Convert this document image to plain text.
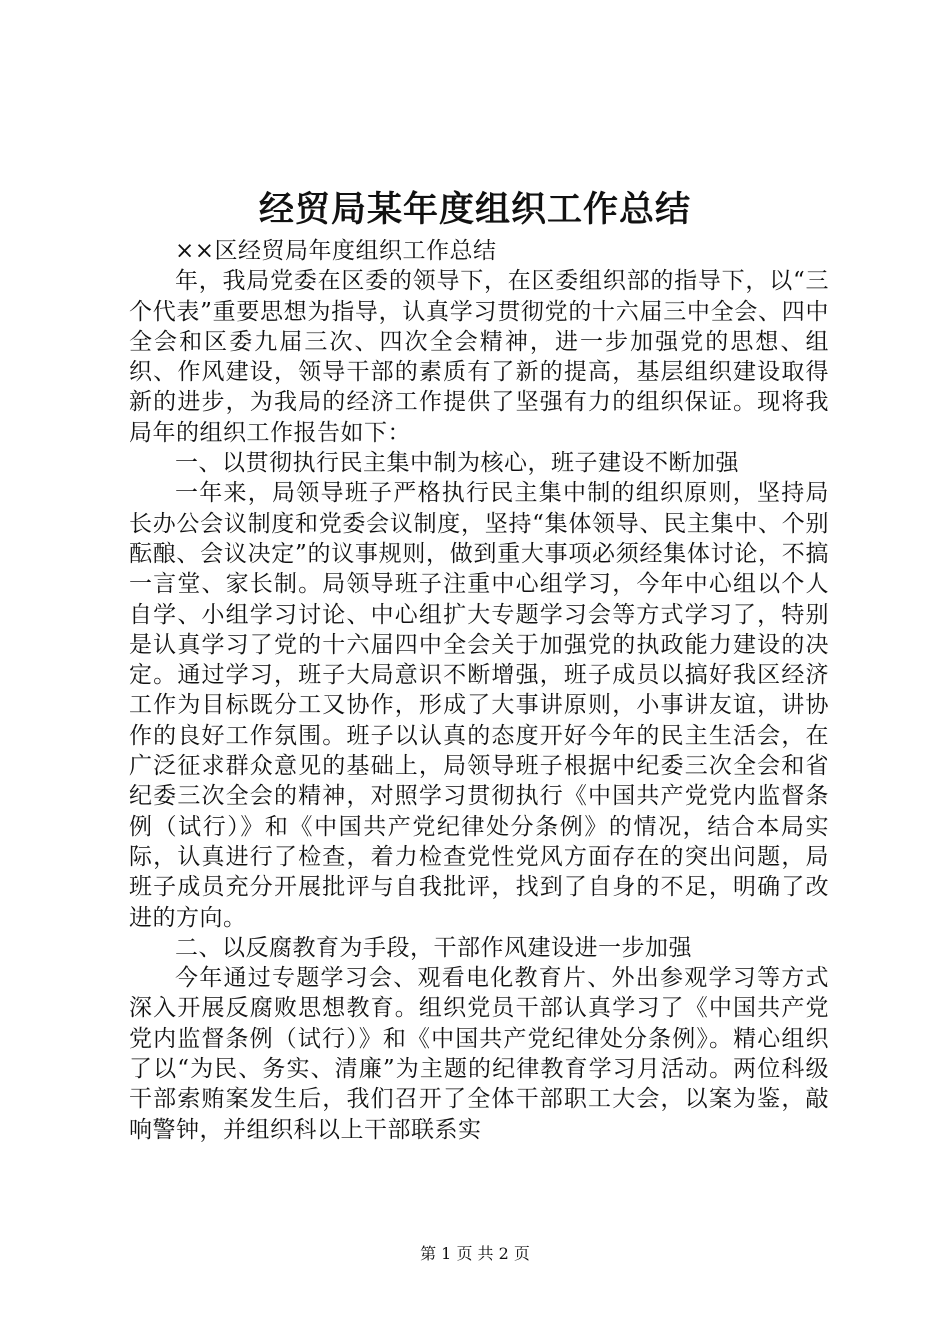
经贸局某年度组织工作总结

××区经贸局年度组织工作总结

年，我局党委在区委的领导下，在区委组织部的指导下，以“三个代表”重要思想为指导，认真学习贯彻党的十六届三中全会、四中全会和区委九届三次、四次全会精神，进一步加强党的思想、组织、作风建设，领导干部的素质有了新的提高，基层组织建设取得新的进步，为我局的经济工作提供了坚强有力的组织保证。现将我局年的组织工作报告如下：

一、以贯彻执行民主集中制为核心，班子建设不断加强

一年来，局领导班子严格执行民主集中制的组织原则，坚持局长办公会议制度和党委会议制度，坚持“集体领导、民主集中、个别酝酿、会议决定”的议事规则，做到重大事项必须经集体讨论，不搞一言堂、家长制。局领导班子注重中心组学习，今年中心组以个人自学、小组学习讨论、中心组扩大专题学习会等方式学习了，特别是认真学习了党的十六届四中全会关于加强党的执政能力建设的决定。通过学习，班子大局意识不断增强，班子成员以搞好我区经济工作为目标既分工又协作，形成了大事讲原则，小事讲友谊，讲协作的良好工作氛围。班子以认真的态度开好今年的民主生活会，在广泛征求群众意见的基础上，局领导班子根据中纪委三次全会和省纪委三次全会的精神，对照学习贯彻执行《中国共产党党内监督条例（试行）》和《中国共产党纪律处分条例》的情况，结合本局实际，认真进行了检查，着力检查党性党风方面存在的突出问题，局班子成员充分开展批评与自我批评，找到了自身的不足，明确了改进的方向。

二、以反腐教育为手段，干部作风建设进一步加强

今年通过专题学习会、观看电化教育片、外出参观学习等方式深入开展反腐败思想教育。组织党员干部认真学习了《中国共产党党内监督条例（试行）》和《中国共产党纪律处分条例》。精心组织了以“为民、务实、清廉”为主题的纪律教育学习月活动。两位科级干部索贿案发生后，我们召开了全体干部职工大会，以案为鉴，敲响警钟，并组织科以上干部联系实

第 1 页 共 2 页
